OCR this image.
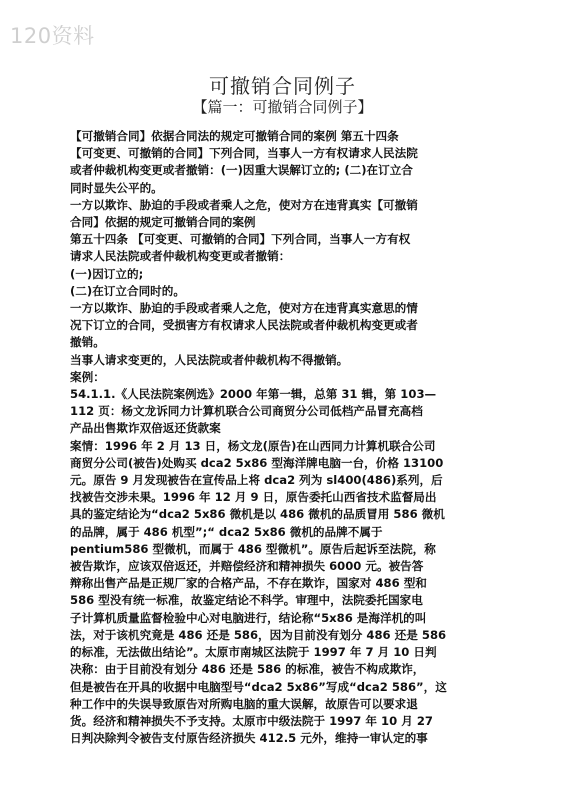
120资料
可撤销合同例子
【篇一：可撤销合同例子】

【可撤销合同】依据合同法的规定可撤销合同的案例 第五十四条

【可变更、可撤销的合同】下列合同，当事人一方有权请求人民法院

或者仲裁机构变更或者撤销：(一)因重大误解订立的; (二)在订立合

同时显失公平的。

一方以欺诈、胁迫的手段或者乘人之危，使对方在违背真实【可撤销

合同】依据的规定可撤销合同的案例

第五十四条 【可变更、可撤销的合同】下列合同，当事人一方有权

请求人民法院或者仲裁机构变更或者撤销：

(一)因订立的;

(二)在订立合同时的。

一方以欺诈、胁迫的手段或者乘人之危，使对方在违背真实意思的情

况下订立的合同，受损害方有权请求人民法院或者仲裁机构变更或者

撤销。

当事人请求变更的，人民法院或者仲裁机构不得撤销。

案例：

54.1.1.《人民法院案例选》2000 年第一辑，总第 31 辑，第 103—

112 页：杨文龙诉同力计算机联合公司商贸分公司低档产品冒充高档

产品出售欺诈双倍返还货款案

案情：1996 年 2 月 13 日，杨文龙(原告)在山西同力计算机联合公司

商贸分公司(被告)处购买 dca2 5x86 型海洋牌电脑一台，价格 13100

元。原告 9 月发现被告在宣传品上将 dca2 列为 sl400(486)系列，后

找被告交涉未果。1996 年 12 月 9 日，原告委托山西省技术监督局出

具的鉴定结论为“dca2 5x86 微机是以 486 微机的品质冒用 586 微机

的品牌，属于 486 机型”;“ dca2 5x86 微机的品牌不属于

pentium586 型微机，而属于 486 型微机”。原告后起诉至法院，称

被告欺诈，应该双倍返还，并赔偿经济和精神损失 6000 元。被告答

辩称出售产品是正规厂家的合格产品，不存在欺诈，国家对 486 型和

586 型没有统一标准，故鉴定结论不科学。审理中，法院委托国家电

子计算机质量监督检验中心对电脑进行，结论称“5x86 是海洋机的叫

法，对于该机究竟是 486 还是 586，因为目前没有划分 486 还是 586

的标准，无法做出结论”。太原市南城区法院于 1997 年 7 月 10 日判

决称：由于目前没有划分 486 还是 586 的标准，被告不构成欺诈，

但是被告在开具的收据中电脑型号“dca2 5x86”写成“dca2 586”，这

种工作中的失误导致原告对所购电脑的重大误解，故原告可以要求退

货。经济和精神损失不予支持。太原市中级法院于 1997 年 10 月 27

日判决除判令被告支付原告经济损失 412.5 元外，维持一审认定的事
